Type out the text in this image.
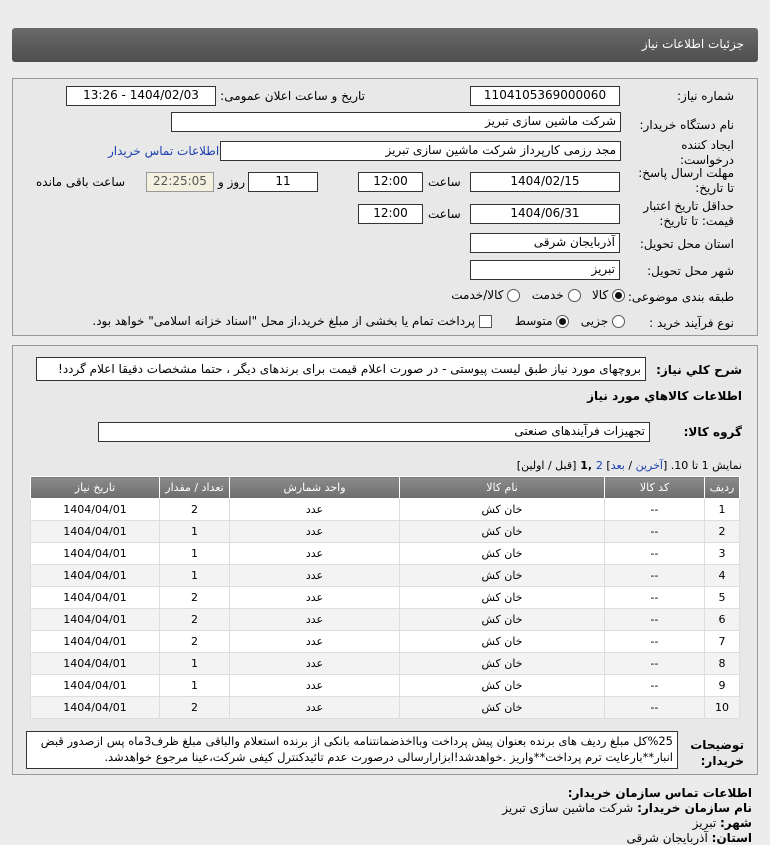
جزئیات اطلاعات نیاز
شماره نیاز:
1104105369000060
تاریخ و ساعت اعلان عمومی:
1404/02/03 - 13:26
نام دستگاه خریدار:
شرکت ماشین سازی تبریز
ایجاد کننده درخواست:
مجد رزمی کارپرداز شرکت ماشین سازی تبریز
اطلاعات تماس خریدار
مهلت ارسال پاسخ: تا تاریخ:
1404/02/15
ساعت
12:00
11
روز و
22:25:05
ساعت باقی مانده
حداقل تاریخ اعتبار قیمت: تا تاریخ:
1404/06/31
ساعت
12:00
استان محل تحویل:
آذربایجان شرقی
شهر محل تحویل:
تبریز
طبقه بندی موضوعی:
کالا    خدمت    کالا/خدمت
نوع فرآیند خرید :
جزیی    متوسط       پرداخت تمام یا بخشی از مبلغ خرید،از محل "اسناد خزانه اسلامی" خواهد بود.
شرح کلي نیاز:
بروچهای مورد نیاز طبق لیست پیوستی - در صورت اعلام قیمت برای برندهای دیگر ، حتما مشخصات دقیقا اعلام گردد!
اطلاعات کالاهاي مورد نیاز
گروه کالا:
تجهیزات فرآیندهای صنعتی
نمایش 1 تا 10. [آخرین / بعد] 2 ,1 [قبل / اولین]
ردیف	کد کالا	نام کالا	واحد شمارش	تعداد / مقدار	تاریخ نیاز
1	--	خان کش	عدد	2	1404/04/01
2	--	خان کش	عدد	1	1404/04/01
3	--	خان کش	عدد	1	1404/04/01
4	--	خان کش	عدد	1	1404/04/01
5	--	خان کش	عدد	2	1404/04/01
6	--	خان کش	عدد	2	1404/04/01
7	--	خان کش	عدد	2	1404/04/01
8	--	خان کش	عدد	1	1404/04/01
9	--	خان کش	عدد	1	1404/04/01
10	--	خان کش	عدد	2	1404/04/01
توضیحات خریدار:
%25کل مبلغ ردیف های برنده بعنوان پیش پرداخت وبااخذضمانتنامه بانکی از برنده استعلام والباقی مبلغ ظرف3ماه پس ازصدور قبض انبار**بارعایت ترم پرداخت**واریز .خواهدشد!ابزارارسالی درصورت عدم تائیدکنترل کیفی شرکت،عینا مرجوع خواهدشد.
اطلاعات تماس سازمان خریدار:
نام سازمان خریدار: شرکت ماشین سازی تبریز
شهر: تبریز
استان: آذربایجان شرقی
